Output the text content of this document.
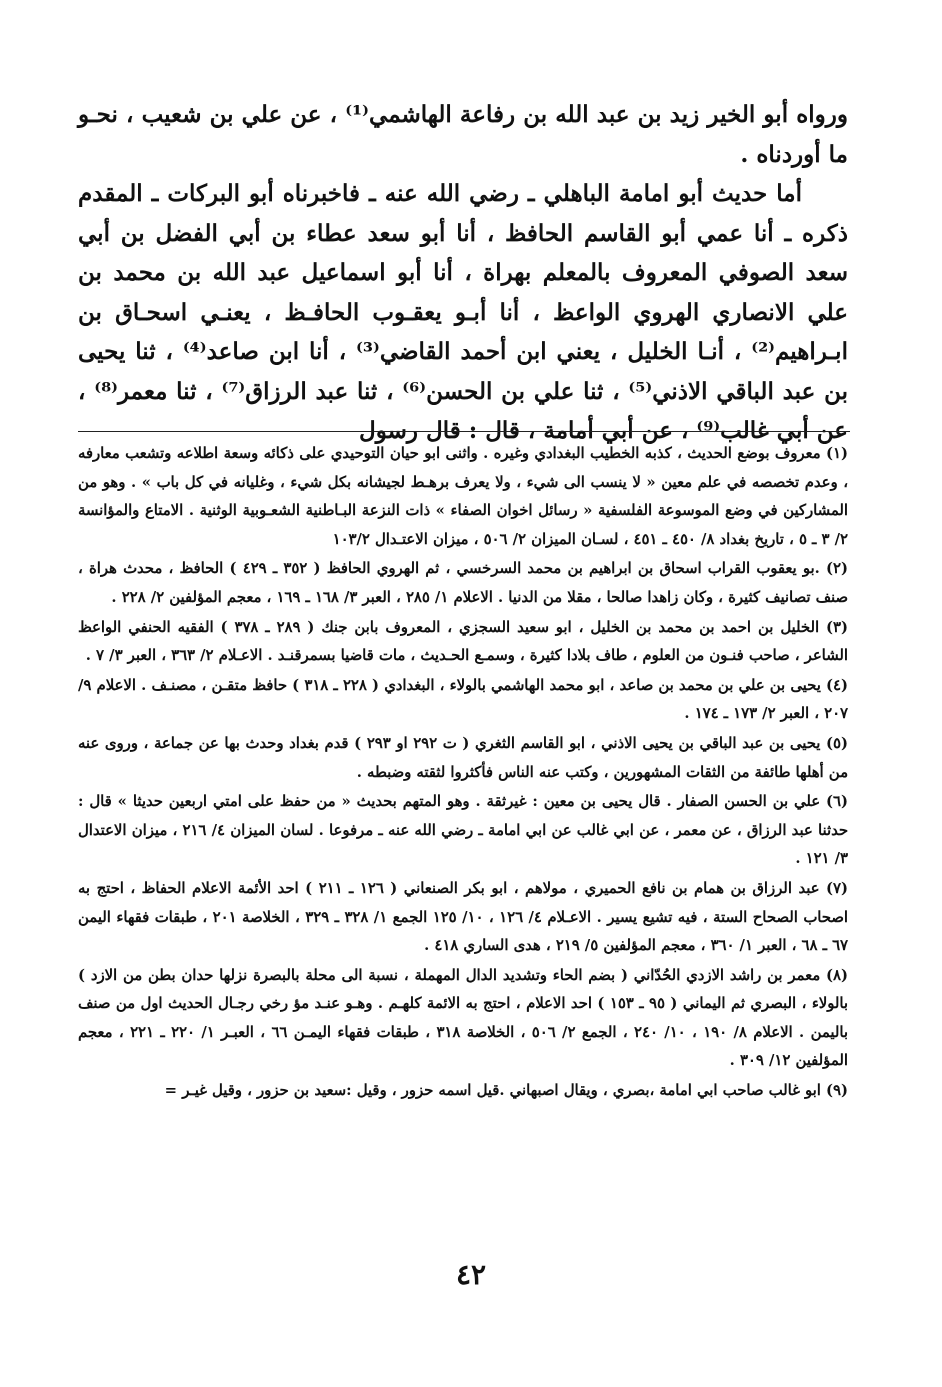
ورواه أبو الخير زيد بن عبد الله بن رفاعة الهاشمي⁽¹⁾ ، عن علي بن شعيب ، نحـو ما أوردناه .

أما حديث أبو امامة الباهلي ـ رضي الله عنه ـ فاخبرناه أبو البركات ـ المقدم ذكره ـ أنا عمي أبو القاسم الحافظ ، أنا أبو سعد عطاء بن أبي الفضل بن أبي سعد الصوفي المعروف بالمعلم بهراة ، أنا أبو اسماعيل عبد الله بن محمد بن علي الانصاري الهروي الواعظ ، أنا أبـو يعقـوب الحافـظ ، يعنـي اسحـاق بن ابـراهيم⁽²⁾ ، أنـا الخليل ، يعني ابن أحمد القاضي⁽³⁾ ، أنا ابن صاعد⁽⁴⁾ ، ثنا يحيى بن عبد الباقي الاذني⁽⁵⁾ ، ثنا علي بن الحسن⁽⁶⁾ ، ثنا عبد الرزاق⁽⁷⁾ ، ثنا معمر⁽⁸⁾ ، عن أبي غالب⁽⁹⁾ ، عن أبي أمامة ، قال : قال رسول

(١) معروف بوضع الحديث ، كذبه الخطيب البغدادي وغيره . واثنى ابو حيان التوحيدي على ذكائه وسعة اطلاعه وتشعب معارفه ، وعدم تخصصه في علم معين « لا ينسب الى شيء ، ولا يعرف برهـط لجيشانه بكل شيء ، وغليانه في كل باب » . وهو من المشاركين في وضع الموسوعة الفلسفية « رسائل اخوان الصفاء » ذات النزعة البـاطنية الشعـوبية الوثنية . الامتاع والمؤانسة ٢/ ٣ ـ ٥ ، تاريخ بغداد ٨/ ٤٥٠ ـ ٤٥١ ، لسـان الميزان ٢/ ٥٠٦ ، ميزان الاعتـدال ١٠٣/٢

(٢) .بو يعقوب القراب اسحاق بن ابراهيم بن محمد السرخسي ، ثم الهروي الحافظ ( ٣٥٢ ـ ٤٢٩ ) الحافظ ، محدث هراة ، صنف تصانيف كثيرة ، وكان زاهدا صالحا ، مقلا من الدنيا . الاعلام ١/ ٢٨٥ ، العبر ٣/ ١٦٨ ـ ١٦٩ ، معجم المؤلفين ٢/ ٢٢٨ .

(٣) الخليل بن احمد بن محمد بن الخليل ، ابو سعيد السجزي ، المعروف بابن جنك ( ٢٨٩ ـ ٣٧٨ ) الفقيه الحنفي الواعظ الشاعر ، صاحب فنـون من العلوم ، طاف بلادا كثيرة ، وسمـع الحـديث ، مات قاضيا بسمرقنـد . الاعـلام ٢/ ٣٦٣ ، العبر ٣/ ٧ .

(٤) يحيى بن علي بن محمد بن صاعد ، ابو محمد الهاشمي بالولاء ، البغدادي ( ٢٢٨ ـ ٣١٨ ) حافظ متقـن ، مصنـف . الاعلام ٩/ ٢٠٧ ، العبر ٢/ ١٧٣ ـ ١٧٤ .

(٥) يحيى بن عبد الباقي بن يحيى الاذني ، ابو القاسم الثغري ( ت ٢٩٢ او ٢٩٣ ) قدم بغداد وحدث بها عن جماعة ، وروى عنه من أهلها طائفة من الثقات المشهورين ، وكتب عنه الناس فأكثروا لثقته وضبطه .

(٦) علي بن الحسن الصفار . قال يحيى بن معين : غيرثقة . وهو المتهم بحديث « من حفظ على امتي اربعين حديثا » قال : حدثنا عبد الرزاق ، عن معمر ، عن ابي غالب عن ابي امامة ـ رضي الله عنه ـ مرفوعا . لسان الميزان ٤/ ٢١٦ ، ميزان الاعتدال ٣/ ١٢١ .

(٧) عبد الرزاق بن همام بن نافع الحميري ، مولاهم ، ابو بكر الصنعاني ( ١٢٦ ـ ٢١١ ) احد الأئمة الاعلام الحفاظ ، احتج به اصحاب الصحاح الستة ، فيه تشيع يسير . الاعـلام ٤/ ١٢٦ ، ١٠/ ١٢٥ الجمع ١/ ٣٢٨ ـ ٣٢٩ ، الخلاصة ٢٠١ ، طبقات فقهاء اليمن ٦٧ ـ ٦٨ ، العبر ١/ ٣٦٠ ، معجم المؤلفين ٥/ ٢١٩ ، هدى الساري ٤١٨ .

(٨) معمر بن راشد الازدي الحُدّاني ( بضم الحاء وتشديد الدال المهملة ، نسبة الى محلة بالبصرة نزلها حدان بطن من الازد ) بالولاء ، البصري ثم اليماني ( ٩٥ ـ ١٥٣ ) احد الاعلام ، احتج به الائمة كلهـم . وهـو عنـد مؤ رخي رجـال الحديث اول من صنف باليمن . الاعلام ٨/ ١٩٠ ، ١٠/ ٢٤٠ ، الجمع ٢/ ٥٠٦ ، الخلاصة ٣١٨ ، طبقات فقهاء اليمـن ٦٦ ، العبـر ١/ ٢٢٠ ـ ٢٢١ ، معجم المؤلفين ١٢/ ٣٠٩ .

(٩) ابو غالب صاحب ابي امامة ،بصري ، ويقال اصبهاني .قيل اسمه حزور ، وقيل :سعيد بن حزور ، وقيل غيـر =

٤٢
